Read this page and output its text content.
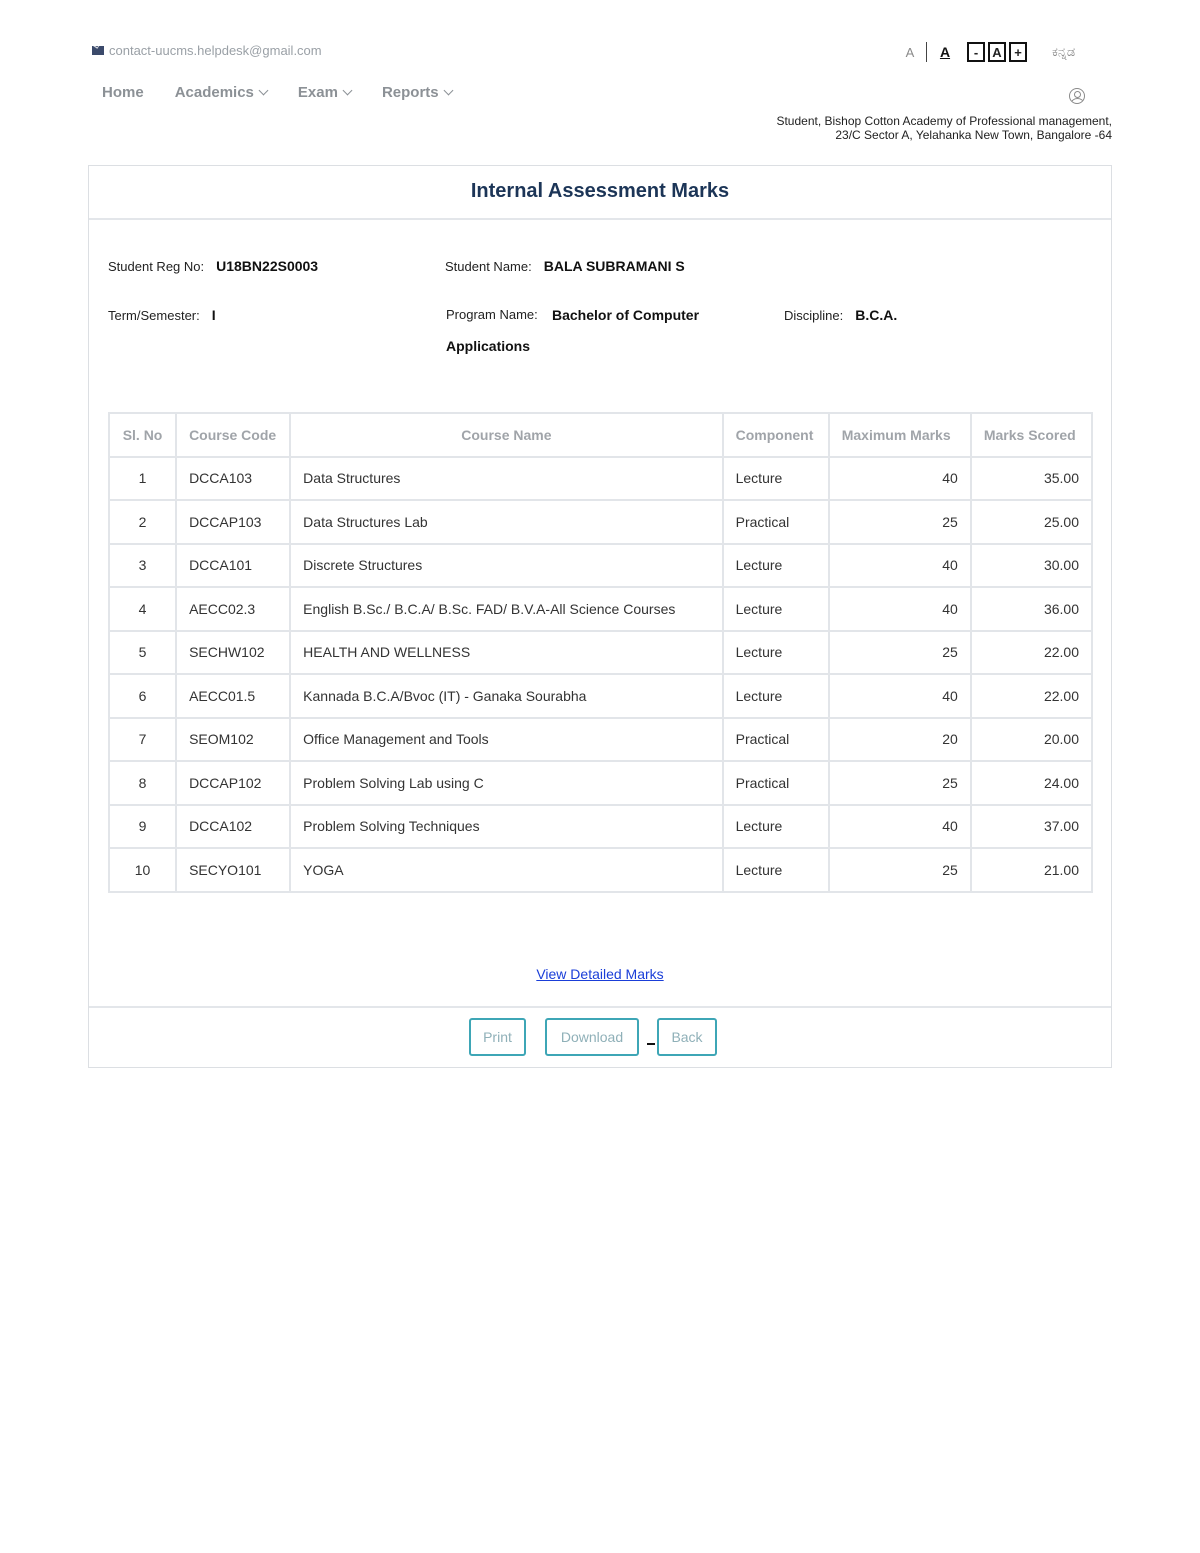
contact-uucms.helpdesk@gmail.com	A A	-	A +	ಕನ್ನಡ
Home Academics	Exam	Reports
Student, Bishop Cotton Academy of Professional management, 23/C Sector A, Yelahanka New Town, Bangalore -64
Internal Assessment Marks
Student Reg No: U18BN22S0003	Student Name: BALA SUBRAMANI S
Term/Semester: I	Program Name:	Bachelor of Computer Applications
Discipline: B.C.A.
Sl. No	Course Code	Course Name	Component	Maximum Marks	Marks Scored
1	DCCA103	Data Structures	Lecture	40	35.00
2	DCCAP103	Data Structures Lab	Practical	25	25.00
3	DCCA101	Discrete Structures	Lecture	40	30.00
4	AECC02.3	English B.Sc./ B.C.A/ B.Sc. FAD/ B.V.A-All Science Courses	Lecture	40	36.00
5	SECHW102	HEALTH AND WELLNESS	Lecture	25	22.00
6	AECC01.5	Kannada B.C.A/Bvoc (IT) - Ganaka Sourabha	Lecture	40	22.00
7	SEOM102	Office Management and Tools	Practical	20	20.00
8	DCCAP102	Problem Solving Lab using C	Practical	25	24.00
9	DCCA102	Problem Solving Techniques	Lecture	40	37.00
10	SECYO101	YOGA	Lecture	25	21.00
View Detailed Marks
Print	Download	Back
